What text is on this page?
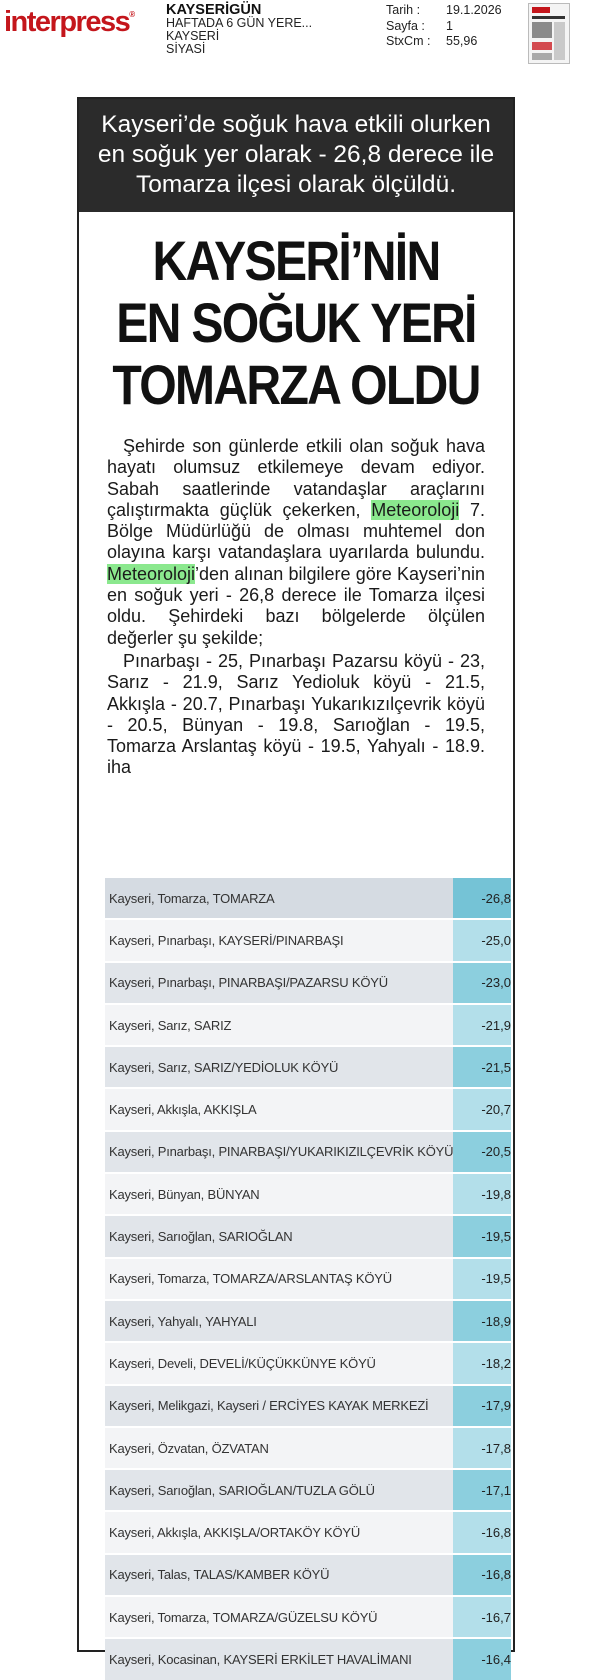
interpress® KAYSERİGÜN
HAFTADA 6 GÜN YERE...
KAYSERİ
SİYASİ
Tarih :	19.1.2026
Sayfa :	1
StxCm :	55,96
Kayseri’de soğuk hava etkili olurken en soğuk yer olarak - 26,8 derece ile Tomarza ilçesi olarak ölçüldü.
KAYSERİ’NİN
EN SOĞUK YERİ
TOMARZA OLDU

Şehirde son günlerde etkili olan soğuk hava hayatı olumsuz etkilemeye devam ediyor. Sabah saatlerinde vatandaşlar araçlarını çalıştırmakta güçlük çekerken, Meteoroloji 7. Bölge Müdürlüğü de olması muhtemel don olayına karşı vatandaşlara uyarılarda bulundu. Meteoroloji’den alınan bilgilere göre Kayseri’nin en soğuk yeri - 26,8 derece ile Tomarza ilçesi oldu. Şehirdeki bazı bölgelerde ölçülen değerler şu şekilde;

Pınarbaşı - 25, Pınarbaşı Pazarsu köyü - 23, Sarız - 21.9, Sarız Yedioluk köyü - 21.5, Akkışla - 20.7, Pınarbaşı Yukarıkızılçevrik köyü - 20.5, Bünyan - 19.8, Sarıoğlan - 19.5, Tomarza Arslantaş köyü - 19.5, Yahyalı - 18.9. iha

Kayseri, Tomarza, TOMARZA	-26,8
Kayseri, Pınarbaşı, KAYSERİ/PINARBAŞI	-25,0
Kayseri, Pınarbaşı, PINARBAŞI/PAZARSU KÖYÜ	-23,0
Kayseri, Sarız, SARIZ	-21,9
Kayseri, Sarız, SARIZ/YEDİOLUK KÖYÜ	-21,5
Kayseri, Akkışla, AKKIŞLA	-20,7
Kayseri, Pınarbaşı, PINARBAŞI/YUKARIKIZILÇEVRİK KÖYÜ	-20,5
Kayseri, Bünyan, BÜNYAN	-19,8
Kayseri, Sarıoğlan, SARIOĞLAN	-19,5
Kayseri, Tomarza, TOMARZA/ARSLANTAŞ KÖYÜ	-19,5
Kayseri, Yahyalı, YAHYALI	-18,9
Kayseri, Develi, DEVELİ/KÜÇÜKKÜNYE KÖYÜ	-18,2
Kayseri, Melikgazi, Kayseri / ERCİYES KAYAK MERKEZİ	-17,9
Kayseri, Özvatan, ÖZVATAN	-17,8
Kayseri, Sarıoğlan, SARIOĞLAN/TUZLA GÖLÜ	-17,1
Kayseri, Akkışla, AKKIŞLA/ORTAKÖY KÖYÜ	-16,8
Kayseri, Talas, TALAS/KAMBER KÖYÜ	-16,8
Kayseri, Tomarza, TOMARZA/GÜZELSU KÖYÜ	-16,7
Kayseri, Kocasinan, KAYSERİ ERKİLET HAVALİMANI	-16,4
